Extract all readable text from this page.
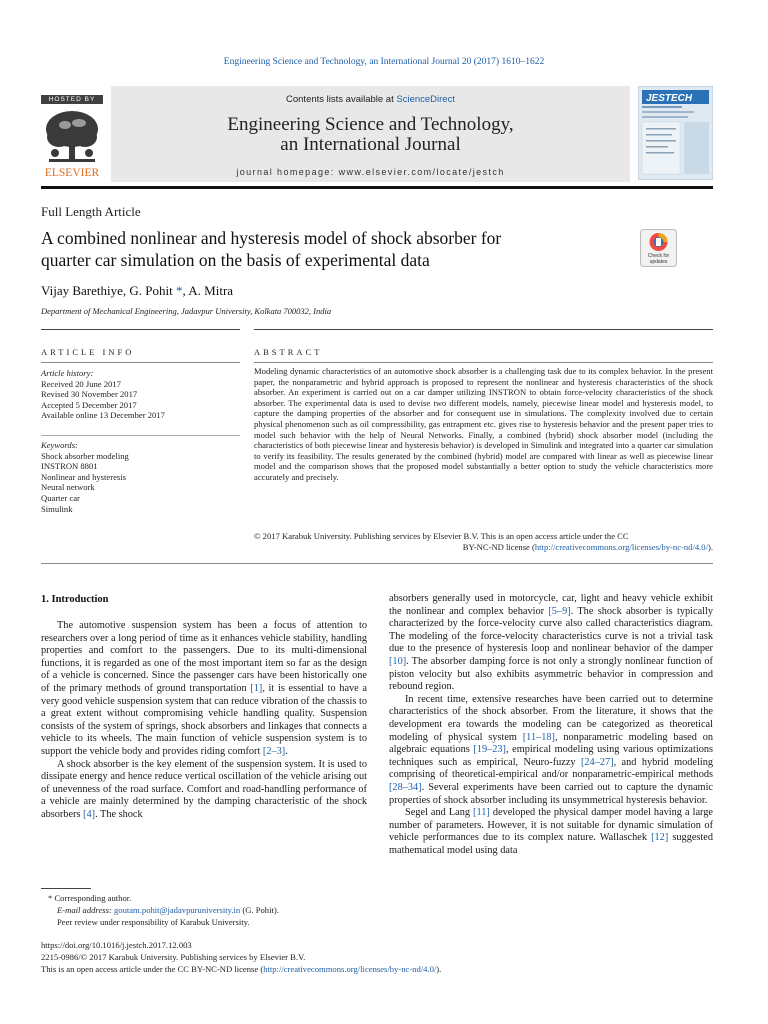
Engineering Science and Technology, an International Journal 20 (2017) 1610–1622
HOSTED BY
ELSEVIER
Contents lists available at ScienceDirect
Engineering Science and Technology,
an International Journal
journal homepage: www.elsevier.com/locate/jestch
JESTECH
Full Length Article
A combined nonlinear and hysteresis model of shock absorber for
quarter car simulation on the basis of experimental data	Check for
updates
Vijay Barethiye, G. Pohit *, A. Mitra
Department of Mechanical Engineering, Jadavpur University, Kolkata 700032, India
ARTICLE INFO	ABSTRACT
Article history:
Received 20 June 2017
Revised 30 November 2017
Accepted 5 December 2017
Available online 13 December 2017
Keywords:
Shock absorber modeling
INSTRON 8801
Nonlinear and hysteresis
Neural network
Quarter car
Simulink
Modeling dynamic characteristics of an automotive shock absorber is a challenging task due to its complex behavior. In the present paper, the nonparametric and hybrid approach is proposed to represent the nonlinear and hysteresis characteristics of the shock absorber. An experiment is carried out on a car damper utilizing INSTRON to obtain force-velocity characteristics of the shock absorber. The experimental data is used to devise two different models, namely, piecewise linear model and hysteresis model, to capture the damping properties of the absorber and for consequent use in simulations. The complexity involved due to certain physical phenomenon such as oil compressibility, gas entrapment etc. gives rise to hysteresis behavior and the present paper tries to model such behavior with the help of Neural Networks. Finally, a combined (hybrid) shock absorber model (including the characteristics of both piecewise linear and hysteresis behavior) is developed in Simulink and integrated into a quarter car simulation to verify its feasibility. The results generated by the combined (hybrid) model are compared with linear as well as piecewise linear model and the comparison shows that the proposed model substantially a better option to study the vehicle characteristics more accurately and precisely.
© 2017 Karabuk University. Publishing services by Elsevier B.V. This is an open access article under the CC
BY-NC-ND license (http://creativecommons.org/licenses/by-nc-nd/4.0/).
1. Introduction

The automotive suspension system has been a focus of attention to researchers over a long period of time as it enhances vehicle stability, handling properties and comfort to the passengers. Due to its multi-dimensional functions, it is regarded as one of the most important item so far as the design of a vehicle is concerned. Since the passenger cars have been historically one of the primary methods of ground transportation [1], it is essential to have a very good vehicle suspension system that can reduce vibration of the chassis to a great extent without compromising vehicle handling quality. Suspension consists of the system of springs, shock absorbers and linkages that connects a vehicle to its wheels. The main function of vehicle suspension system is to support the vehicle body and provides riding comfort [2–3].

A shock absorber is the key element of the suspension system. It is used to dissipate energy and hence reduce vertical oscillation of the vehicle arising out of unevenness of the road surface. Comfort and road-handling performance of a vehicle are mainly determined by the damping characteristic of the shock absorbers [4]. The shock

absorbers generally used in motorcycle, car, light and heavy vehicle exhibit the nonlinear and complex behavior [5–9]. The shock absorber is typically characterized by the force-velocity curve also called characteristics diagram. The modeling of the force-velocity characteristics curve is not a trivial task due to the presence of hysteresis loop and nonlinear behavior of the damper [10]. The absorber damping force is not only a strongly nonlinear function of piston velocity but also exhibits asymmetric behavior in compression and rebound region.

In recent time, extensive researches have been carried out to determine characteristics of the shock absorber. From the literature, it shows that the development era towards the modeling can be categorized as theoretical modeling of physical system [11–18], nonparametric modeling based on algebraic equations [19–23], empirical modeling using various optimizations techniques such as empirical, Neuro-fuzzy [24–27], and hybrid modeling comprising of theoretical-empirical and/or nonparametric-empirical methods [28–34]. Several experiments have been carried out to capture the dynamic properties of shock absorber including its unsymmetrical hysteresis behavior.

Segel and Lang [11] developed the physical damper model having a large number of parameters. However, it is not suitable for dynamic simulation of vehicle performances due to its complex nature. Wallaschek [12] suggested mathematical model using data

* Corresponding author.
E-mail address: goutam.pohit@jadavpuruniversity.in (G. Pohit).
Peer review under responsibility of Karabuk University.
https://doi.org/10.1016/j.jestch.2017.12.003
2215-0986/© 2017 Karabuk University. Publishing services by Elsevier B.V.
This is an open access article under the CC BY-NC-ND license (http://creativecommons.org/licenses/by-nc-nd/4.0/).
